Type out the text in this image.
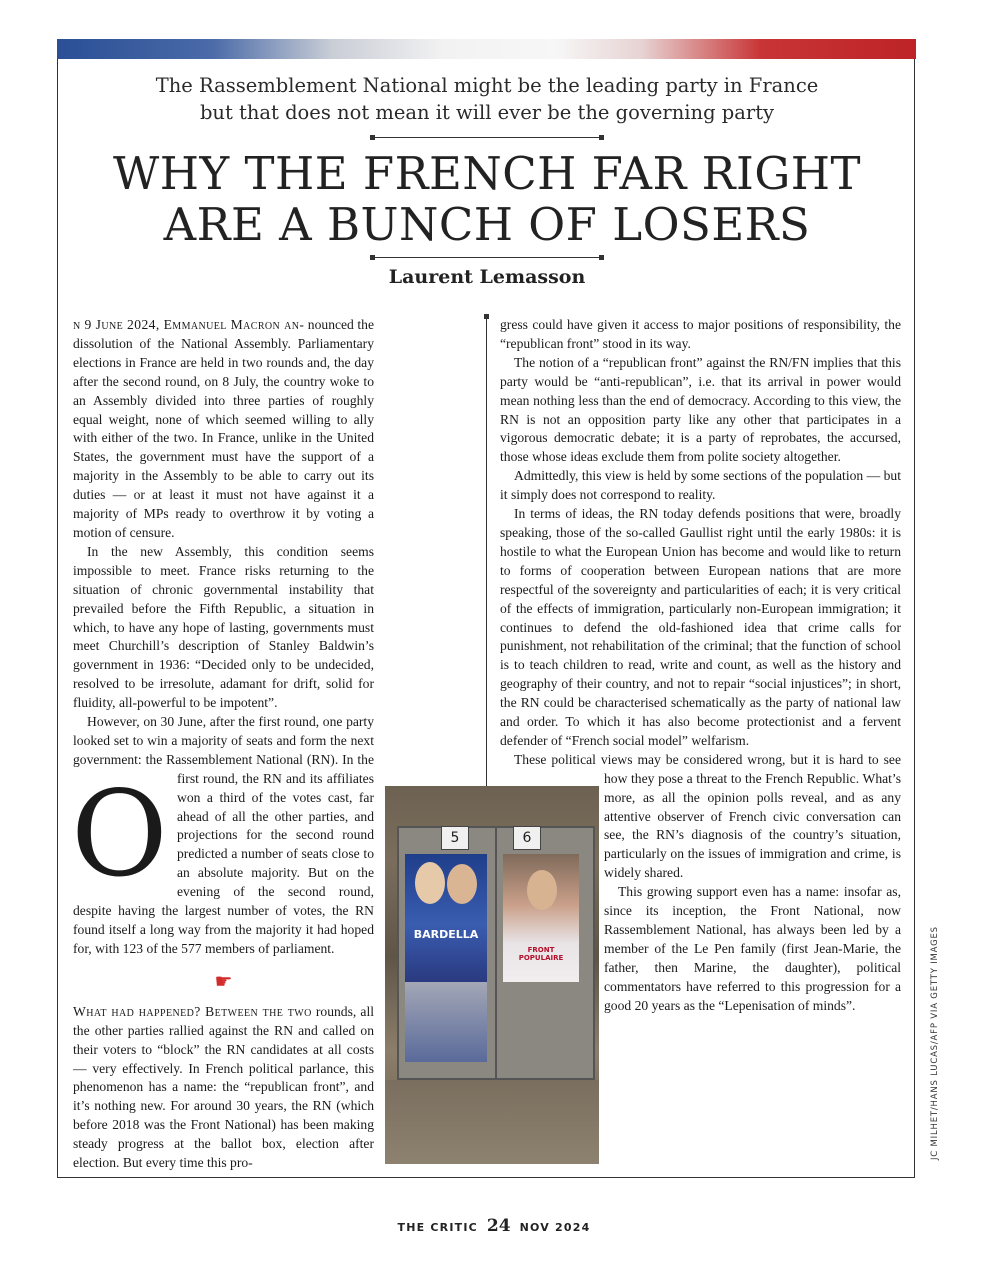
The Rassemblement National might be the leading party in France
but that does not mean it will ever be the governing party
WHY THE FRENCH FAR RIGHT
ARE A BUNCH OF LOSERS
Laurent Lemasson

O
n 9 June 2024, Emmanuel Macron an- nounced the dissolution of the National Assembly. Parliamentary elections in France are held in two rounds and, the day after the second round, on 8 July, the country woke to an Assembly divided into three parties of roughly equal weight, none of which seemed willing to ally with either of the two. In France, unlike in the United States, the government must have the support of a majority in the Assembly to be able to carry out its duties — or at least it must not have against it a majority of MPs ready to overthrow it by voting a motion of censure.

In the new Assembly, this condition seems impossible to meet. France risks returning to the situation of chronic governmental instability that prevailed before the Fifth Republic, a situation in which, to have any hope of lasting, governments must meet Churchill’s description of Stanley Baldwin’s government in 1936: “Decided only to be undecided, resolved to be irresolute, adamant for drift, solid for fluidity, all-powerful to be impotent”.

However, on 30 June, after the first round, one party looked set to win a majority of seats and form the next government: the Rassemblement National (RN). In the first round, the RN and its affiliates won a third of the votes cast, far ahead of all the other parties, and projections for the second round predicted a number of seats close to an absolute majority. But on the evening of the second round, despite having the largest number of votes, the RN found itself a long way from the majority it had hoped for, with 123 of the 577 members of parliament.

☛

What had happened? Between the two rounds, all the other parties rallied against the RN and called on their voters to “block” the RN candidates at all costs — very effectively. In French political parlance, this phenomenon has a name: the “republican front”, and it’s nothing new. For around 30 years, the RN (which before 2018 was the Front National) has been making steady progress at the ballot box, election after election. But every time this pro-

gress could have given it access to major positions of responsibility, the “republican front” stood in its way.

The notion of a “republican front” against the RN/FN implies that this party would be “anti-republican”, i.e. that its arrival in power would mean nothing less than the end of democracy. According to this view, the RN is not an opposition party like any other that participates in a vigorous democratic debate; it is a party of reprobates, the accursed, those whose ideas exclude them from polite society altogether.

Admittedly, this view is held by some sections of the population — but it simply does not correspond to reality.

In terms of ideas, the RN today defends positions that were, broadly speaking, those of the so-called Gaullist right until the early 1980s: it is hostile to what the European Union has become and would like to return to forms of cooperation between European nations that are more respectful of the sovereignty and particularities of each; it is very critical of the effects of immigration, particularly non-European immigration; it continues to defend the old-fashioned idea that crime calls for punishment, not rehabilitation of the criminal; that the function of school is to teach children to read, write and count, as well as the history and geography of their country, and not to repair “social injustices”; in short, the RN could be characterised schematically as the party of national law and order. To which it has also become protectionist and a fervent defender of “French social model” welfarism.

These political views may be considered wrong, but it is hard to see how they pose a threat to the French Republic. What’s more, as all the opinion polls reveal, and as any attentive observer of French civic conversation can see, the RN’s diagnosis of the country’s situation, particularly on the issues of immigration and crime, is widely shared.

This growing support even has a name: insofar as, since its inception, the Front National, now Rassemblement National, has always been led by a member of the Le Pen family (first Jean-Marie, the father, then Marine, the daughter), political commentators have referred to this progression for a good 20 years as the “Lepenisation of minds”.

5	6
BARDELLA
FRONT POPULAIRE	JC MILHET/HANS LUCAS/AFP VIA GETTY IMAGES
THE CRITIC 24 NOV 2024
